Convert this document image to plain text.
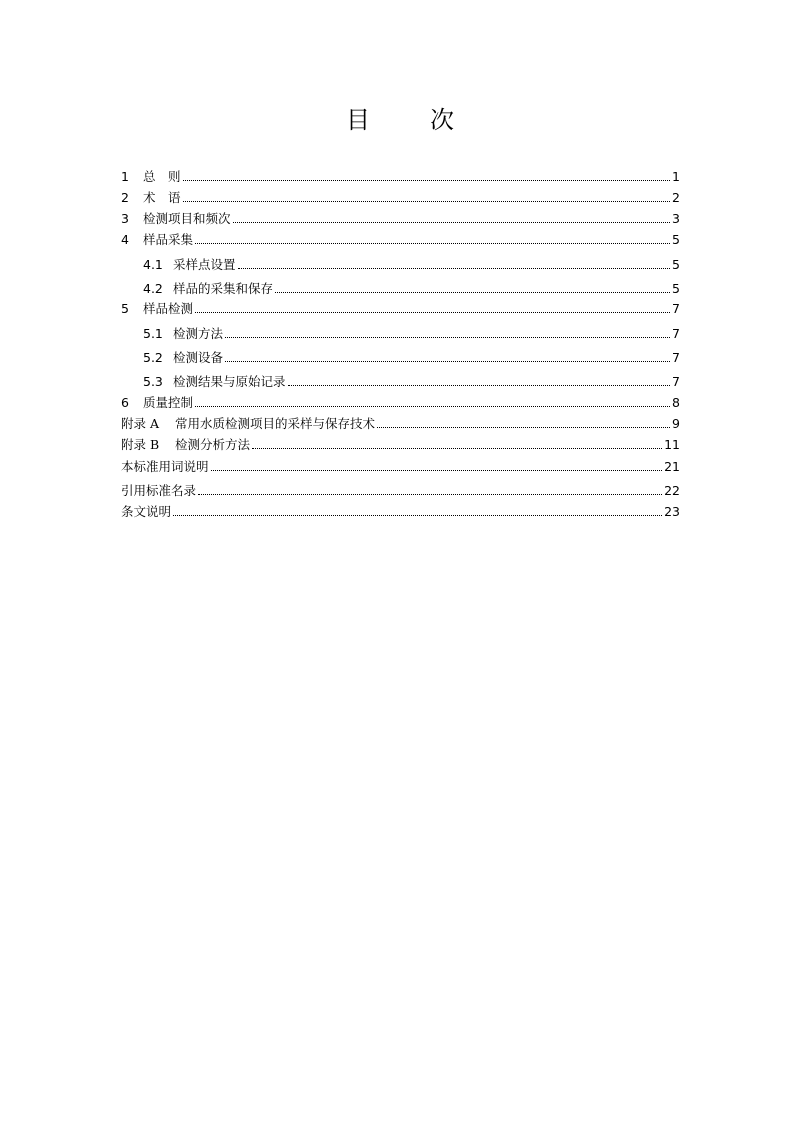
目　次
1	总　则	1
2	术　语	2
3	检测项目和频次	3
4	样品采集	5
4.1 采样点设置	5
4.2 样品的采集和保存	5
5	样品检测	7
5.1 检测方法	7
5.2 检测设备	7
5.3 检测结果与原始记录	7
6	质量控制	8
附录 A	常用水质检测项目的采样与保存技术	9
附录 B	检测分析方法	11
本标准用词说明	21
引用标准名录	22
条文说明	23
